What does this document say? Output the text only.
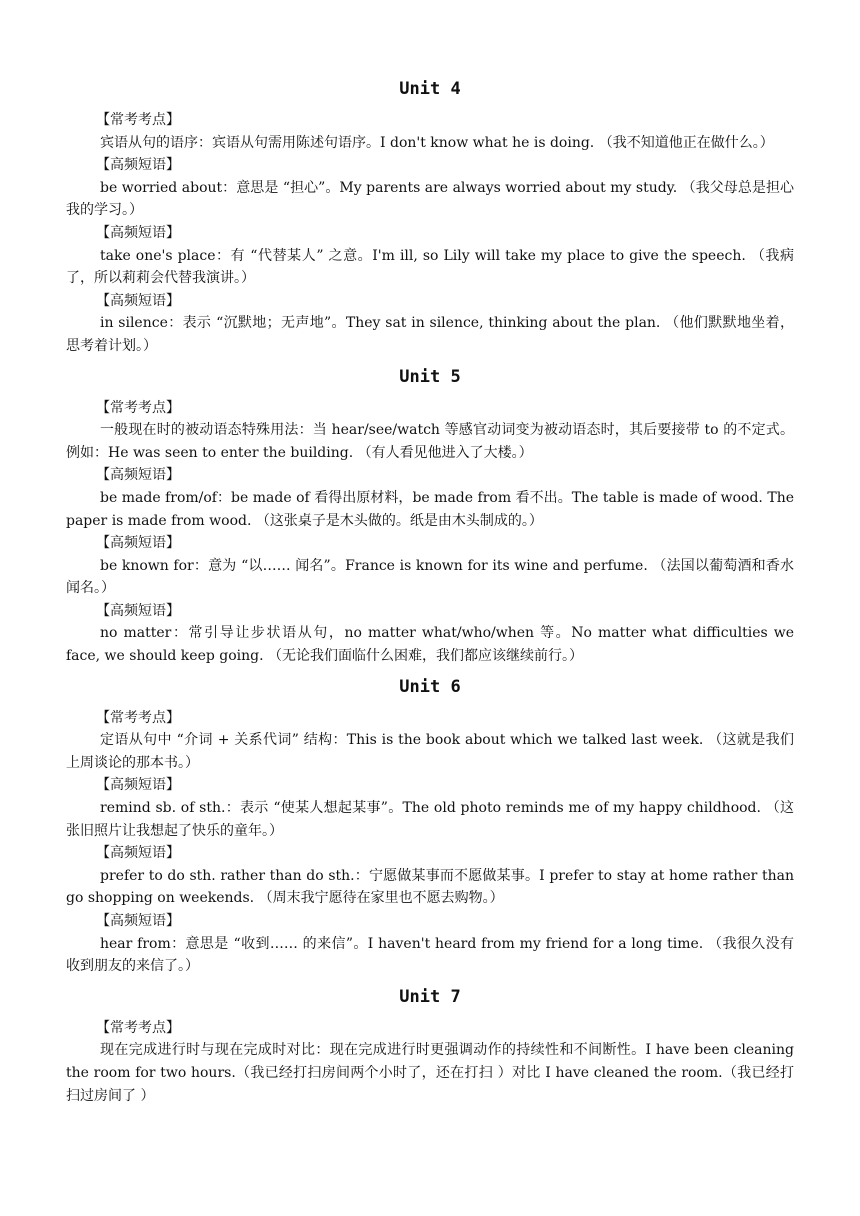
Unit 4
【常考考点】
宾语从句的语序：宾语从句需用陈述句语序。I don't know what he is doing. （我不知道他正在做什么。）
【高频短语】
be worried about：意思是 “担心”。My parents are always worried about my study. （我父母总是担心我的学习。）
【高频短语】
take one's place：有 “代替某人” 之意。I'm ill, so Lily will take my place to give the speech. （我病了，所以莉莉会代替我演讲。）
【高频短语】
in silence：表示 “沉默地；无声地”。They sat in silence, thinking about the plan. （他们默默地坐着，思考着计划。）
Unit 5
【常考考点】
一般现在时的被动语态特殊用法：当 hear/see/watch 等感官动词变为被动语态时，其后要接带 to 的不定式。例如：He was seen to enter the building. （有人看见他进入了大楼。）
【高频短语】
be made from/of：be made of 看得出原材料，be made from 看不出。The table is made of wood. The paper is made from wood. （这张桌子是木头做的。纸是由木头制成的。）
【高频短语】
be known for：意为 “以…… 闻名”。France is known for its wine and perfume. （法国以葡萄酒和香水闻名。）
【高频短语】
no matter：常引导让步状语从句，no matter what/who/when 等。No matter what difficulties we face, we should keep going. （无论我们面临什么困难，我们都应该继续前行。）
Unit 6
【常考考点】
定语从句中 “介词 + 关系代词” 结构：This is the book about which we talked last week. （这就是我们上周谈论的那本书。）
【高频短语】
remind sb. of sth.：表示 “使某人想起某事”。The old photo reminds me of my happy childhood. （这张旧照片让我想起了快乐的童年。）
【高频短语】
prefer to do sth. rather than do sth.：宁愿做某事而不愿做某事。I prefer to stay at home rather than go shopping on weekends. （周末我宁愿待在家里也不愿去购物。）
【高频短语】
hear from：意思是 “收到…… 的来信”。I haven't heard from my friend for a long time. （我很久没有收到朋友的来信了。）
Unit 7
【常考考点】
现在完成进行时与现在完成时对比：现在完成进行时更强调动作的持续性和不间断性。I have been cleaning the room for two hours.（我已经打扫房间两个小时了，还在打扫 ）对比 I have cleaned the room.（我已经打扫过房间了 ）
